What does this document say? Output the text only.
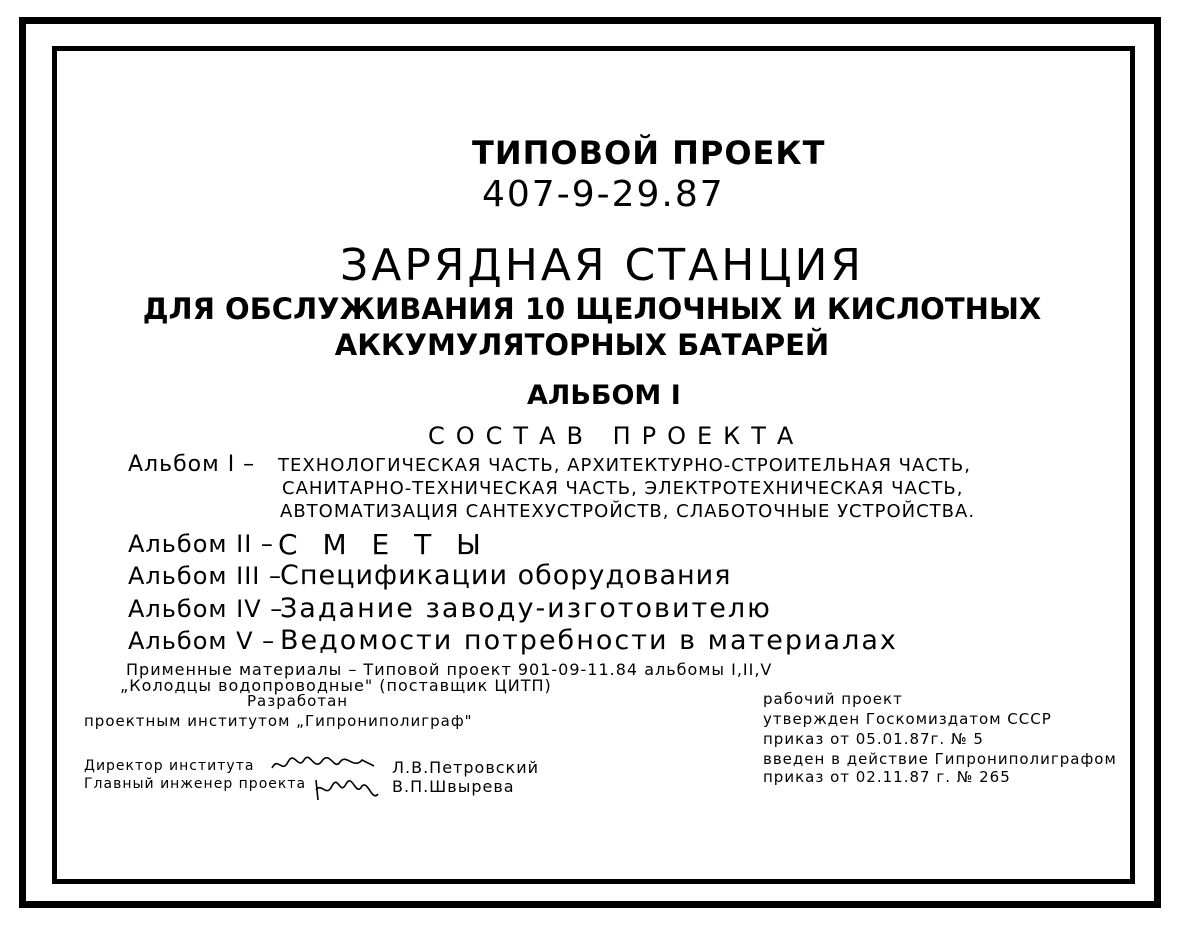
ТИПОВОЙ ПРОЕКТ
407-9-29.87
ЗАРЯДНАЯ СТАНЦИЯ
ДЛЯ ОБСЛУЖИВАНИЯ 10 ЩЕЛОЧНЫХ И КИСЛОТНЫХ
АККУМУЛЯТОРНЫХ БАТАРЕЙ
АЛЬБОМ I
СОСТАВ ПРОЕКТА
Альбом I – ТЕХНОЛОГИЧЕСКАЯ ЧАСТЬ, АРХИТЕКТУРНО-СТРОИТЕЛЬНАЯ ЧАСТЬ,
САНИТАРНО-ТЕХНИЧЕСКАЯ ЧАСТЬ, ЭЛЕКТРОТЕХНИЧЕСКАЯ ЧАСТЬ,
АВТОМАТИЗАЦИЯ САНТЕХУСТРОЙСТВ, СЛАБОТОЧНЫЕ УСТРОЙСТВА.
Альбом II – С М Е Т Ы
Альбом III –
Спецификации оборудования
Альбом IV –
Задание заводу-изготовителю
Альбом V – Ведомости потребности в материалах
Применные материалы – Типовой проект 901-09-11.84 альбомы I,II,V
„Колодцы водопроводные" (поставщик ЦИТП)
Разработан
проектным институтом „Гипрониполиграф"
рабочий проект
утвержден Госкомиздатом СССР
приказ от 05.01.87г. № 5
введен в действие Гипрониполиграфом
приказ от 02.11.87 г. № 265
Директор института	Л.В.Петровский
Главный инженер проекта	В.П.Швырева
